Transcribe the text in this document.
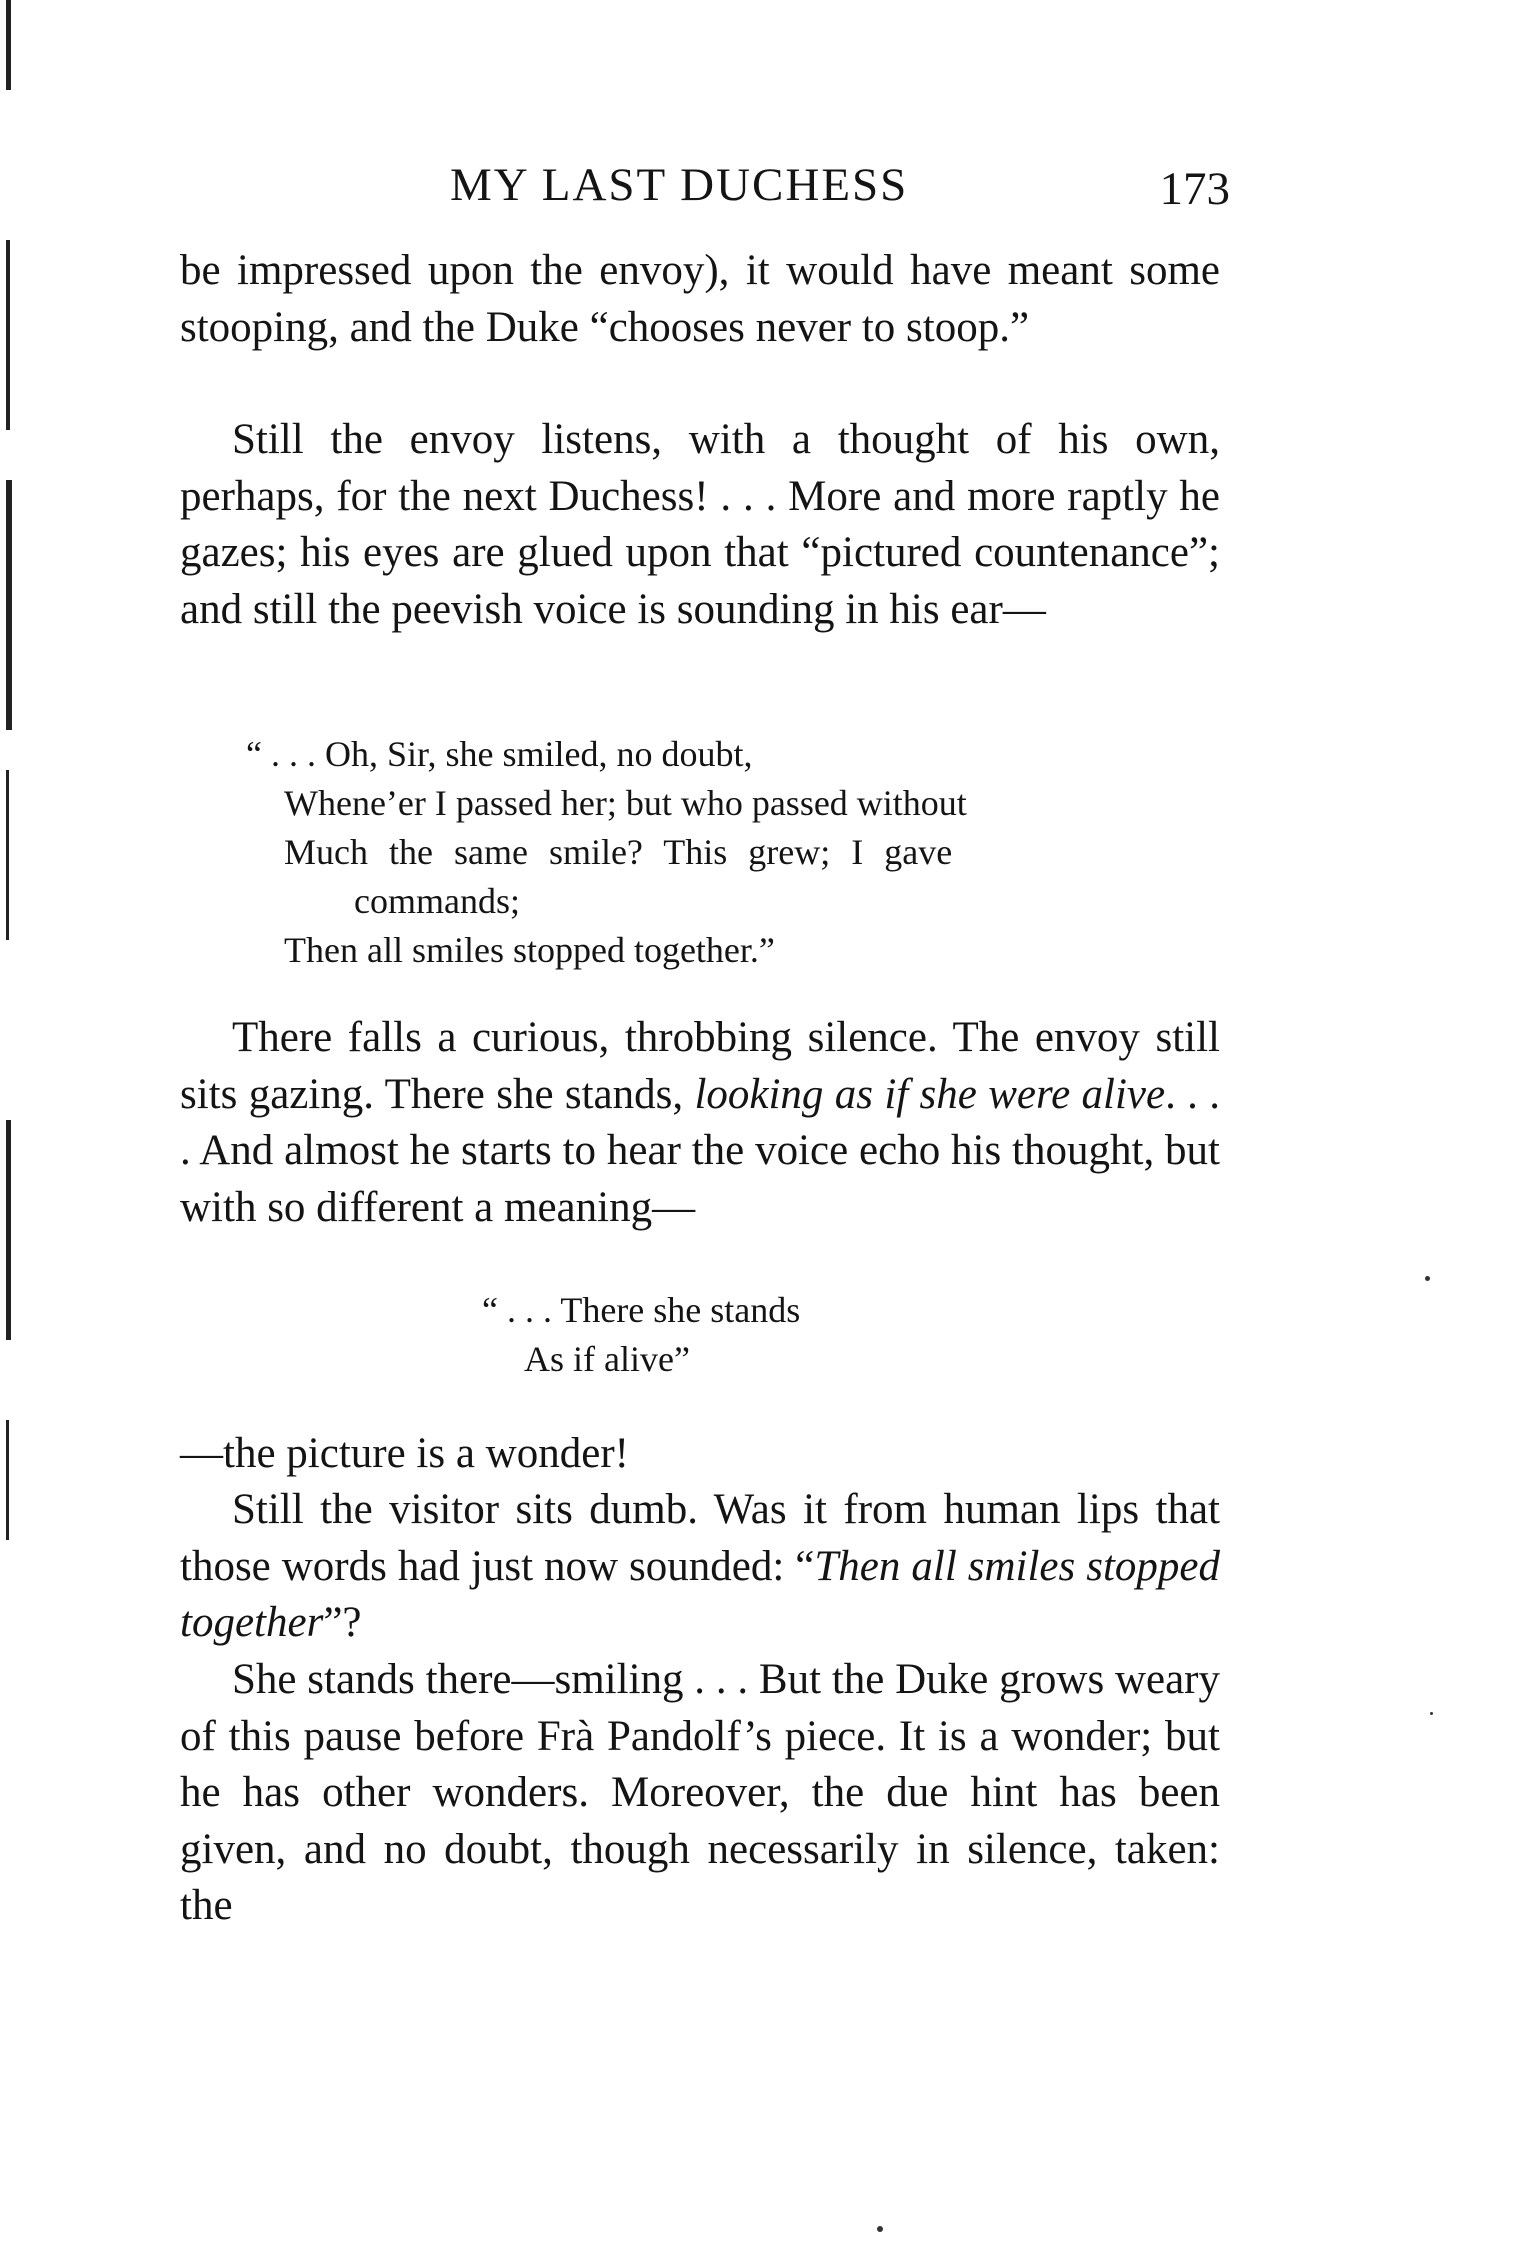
MY LAST DUCHESS	173

be impressed upon the envoy), it would have meant some stooping, and the Duke “chooses never to stoop.”

Still the envoy listens, with a thought of his own, perhaps, for the next Duchess! . . . More and more raptly he gazes; his eyes are glued upon that “pictured countenance”; and still the peevish voice is sounding in his ear—

“ . . . Oh, Sir, she smiled, no doubt,
Whene’er I passed her; but who passed without
Much the same smile? This grew; I gave
commands;
Then all smiles stopped together.”

There falls a curious, throbbing silence. The envoy still sits gazing. There she stands, looking as if she were alive. . . . And almost he starts to hear the voice echo his thought, but with so different a meaning—

“ . . . There she stands
As if alive”

—the picture is a wonder!

Still the visitor sits dumb. Was it from human lips that those words had just now sounded: “Then all smiles stopped together”?

She stands there—smiling . . . But the Duke grows weary of this pause before Frà Pandolf’s piece. It is a wonder; but he has other wonders. Moreover, the due hint has been given, and no doubt, though necessarily in silence, taken: the
